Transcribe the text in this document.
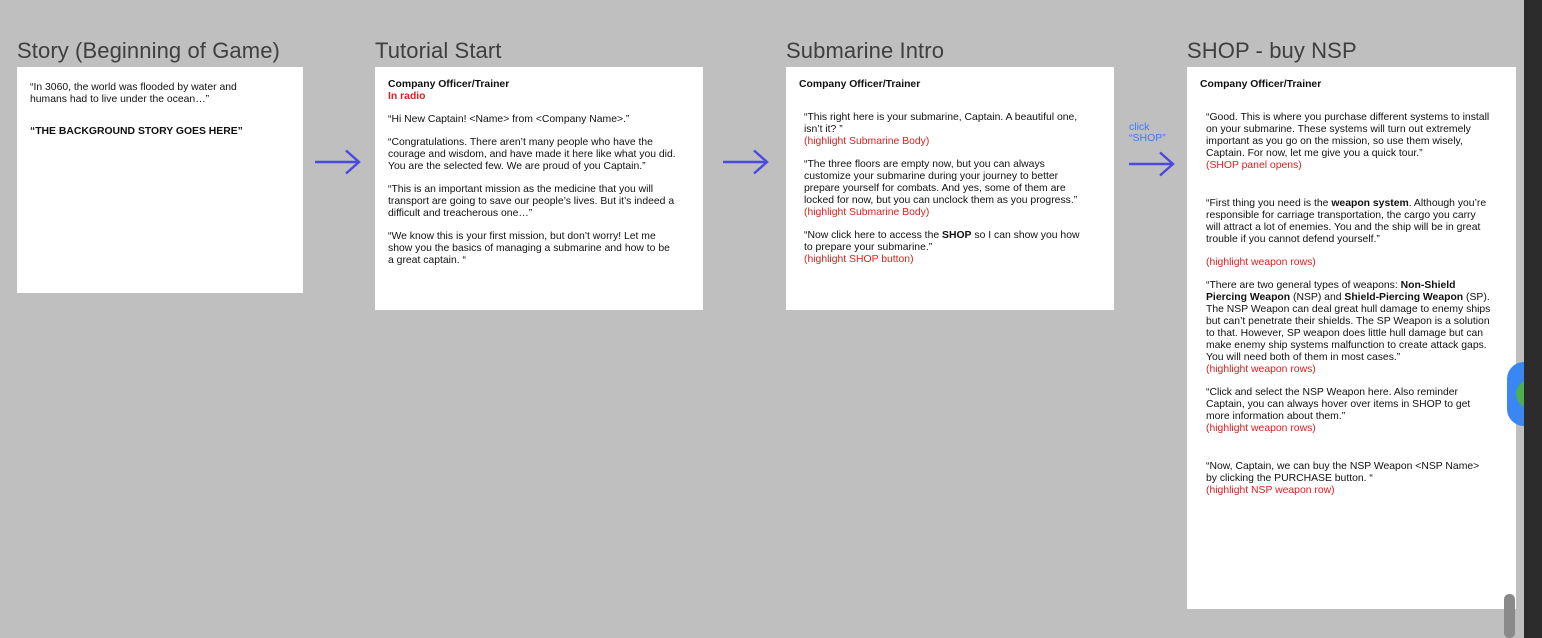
Story (Beginning of Game)

“In 3060, the world was flooded by water and humans had to live under the ocean…”

“THE BACKGROUND STORY GOES HERE”

Tutorial Start

Company Officer/Trainer

In radio

“Hi New Captain! <Name> from <Company Name>.”

“Congratulations. There aren’t many people who have the courage and wisdom, and have made it here like what you did. You are the selected few. We are proud of you Captain.”

“This is an important mission as the medicine that you will transport are going to save our people’s lives. But it’s indeed a difficult and treacherous one…”

“We know this is your first mission, but don’t worry! Let me show you the basics of managing a submarine and how to be a great captain. “

Submarine Intro

Company Officer/Trainer

“This right here is your submarine, Captain. A beautiful one, isn’t it? ”

(highlight Submarine Body)

“The three floors are empty now, but you can always customize your submarine during your journey to better prepare yourself for combats. And yes, some of them are locked for now, but you can unclock them as you progress.”

(highlight Submarine Body)

“Now click here to access the SHOP so I can show you how to prepare your submarine.”

(highlight SHOP button)

click
“SHOP”
SHOP - buy NSP

Company Officer/Trainer

“Good. This is where you purchase different systems to install on your submarine. These systems will turn out extremely important as you go on the mission, so use them wisely, Captain. For now, let me give you a quick tour.”

(SHOP panel opens)

“First thing you need is the weapon system. Although you’re responsible for carriage transportation, the cargo you carry will attract a lot of enemies. You and the ship will be in great trouble if you cannot defend yourself.”

(highlight weapon rows)

“There are two general types of weapons: Non-Shield Piercing Weapon (NSP) and Shield-Piercing Weapon (SP). The NSP Weapon can deal great hull damage to enemy ships but can’t penetrate their shields. The SP Weapon is a solution to that. However, SP weapon does little hull damage but can make enemy ship systems malfunction to create attack gaps. You will need both of them in most cases.”

(highlight weapon rows)

“Click and select the NSP Weapon here. Also reminder Captain, you can always hover over items in SHOP to get more information about them.”

(highlight weapon rows)

“Now, Captain, we can buy the NSP Weapon <NSP Name> by clicking the PURCHASE button. “

(highlight NSP weapon row)
